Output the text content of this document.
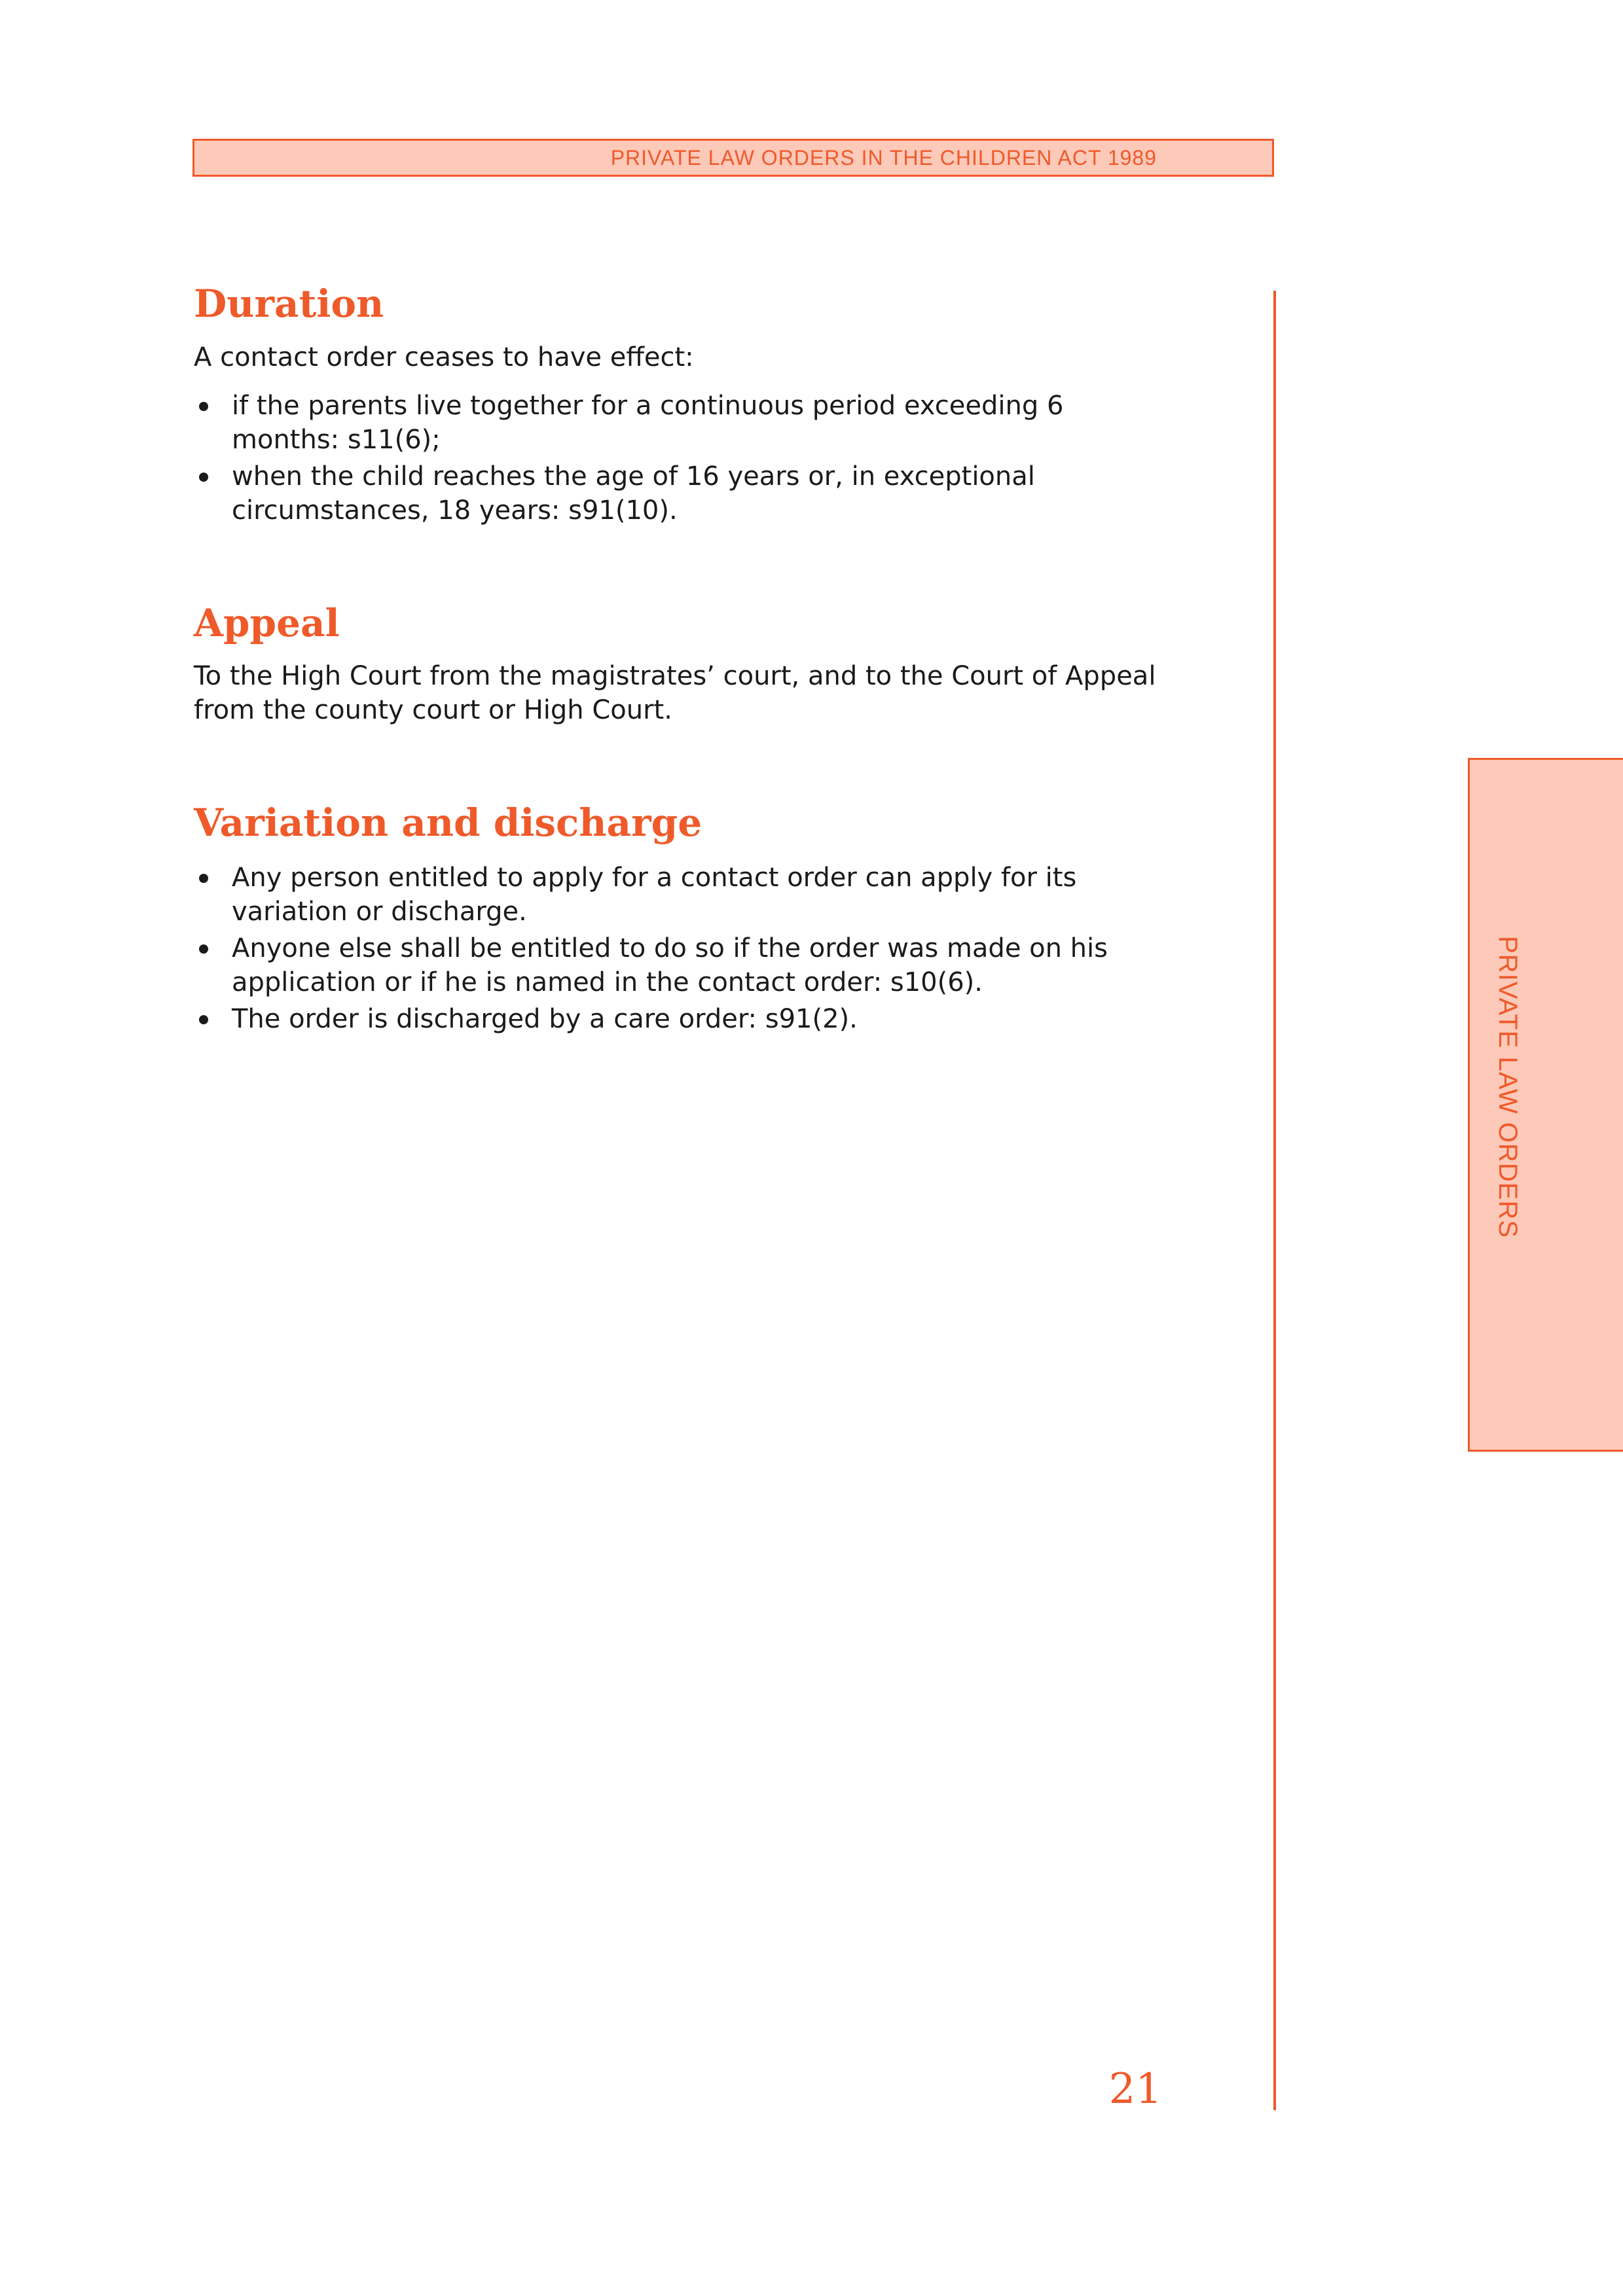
PRIVATE LAW ORDERS IN THE CHILDREN ACT 1989
PRIVATE LAW ORDERS
Duration

A contact order ceases to have effect:

if the parents live together for a continuous period exceeding 6 months: s11(6);
when the child reaches the age of 16 years or, in exceptional circumstances, 18 years: s91(10).
Appeal

To the High Court from the magistrates’ court, and to the Court of Appeal from the county court or High Court.

Variation and discharge
Any person entitled to apply for a contact order can apply for its variation or discharge.
Anyone else shall be entitled to do so if the order was made on his application or if he is named in the contact order: s10(6).
The order is discharged by a care order: s91(2).
21
